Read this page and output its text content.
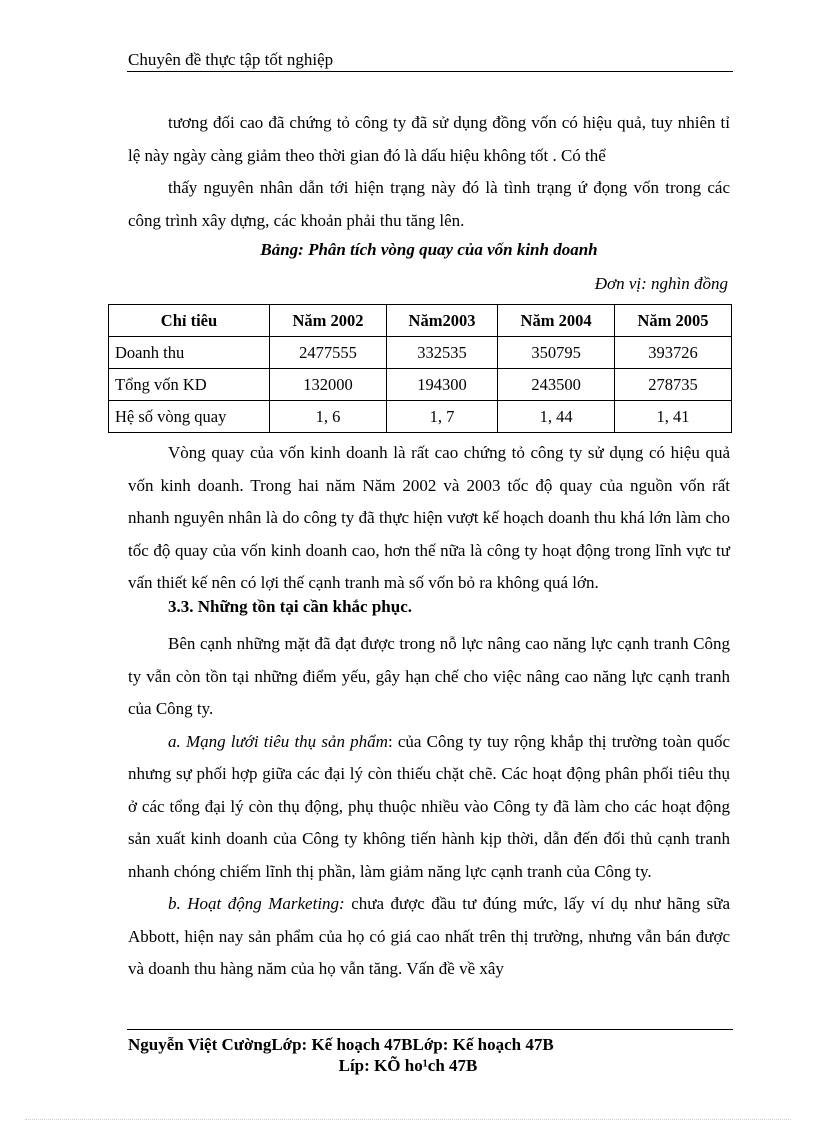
Chuyên đề thực tập tốt nghiệp

tương đối cao đã chứng tỏ công ty đã sử dụng đồng vốn có hiệu quả, tuy nhiên tỉ lệ này ngày càng giảm theo thời gian đó là dấu hiệu không tốt . Có thể

thấy nguyên nhân dẫn tới hiện trạng này đó là tình trạng ứ đọng vốn trong các công trình xây dựng, các khoản phải thu tăng lên.

Bảng: Phân tích vòng quay của vốn kinh doanh
Đơn vị: nghìn đồng
Chỉ tiêu	Năm 2002	Năm2003	Năm 2004	Năm 2005
Doanh thu	2477555	332535	350795	393726
Tổng vốn KD	132000	194300	243500	278735
Hệ số vòng quay	1, 6	1, 7	1, 44	1, 41

Vòng quay của vốn kinh doanh là rất cao chứng tỏ công ty sử dụng có hiệu quả vốn kinh doanh. Trong hai năm Năm 2002 và 2003 tốc độ quay của nguồn vốn rất nhanh nguyên nhân là do công ty đã thực hiện vượt kế hoạch doanh thu khá lớn làm cho tốc độ quay của vốn kinh doanh cao, hơn thế nữa là công ty hoạt động trong lĩnh vực tư vấn thiết kế nên có lợi thế cạnh tranh mà số vốn bỏ ra không quá lớn.

3.3. Những tồn tại cần khắc phục.

Bên cạnh những mặt đã đạt được trong nỗ lực nâng cao năng lực cạnh tranh Công ty vẫn còn tồn tại những điểm yếu, gây hạn chế cho việc nâng cao năng lực cạnh tranh của Công ty.

a. Mạng lưới tiêu thụ sản phẩm: của Công ty tuy rộng khắp thị trường toàn quốc nhưng sự phối hợp giữa các đại lý còn thiếu chặt chẽ. Các hoạt động phân phối tiêu thụ ở các tổng đại lý còn thụ động, phụ thuộc nhiều vào Công ty đã làm cho các hoạt động sản xuất kinh doanh của Công ty không tiến hành kịp thời, dẫn đến đối thủ cạnh tranh nhanh chóng chiếm lĩnh thị phần, làm giảm năng lực cạnh tranh của Công ty.

b. Hoạt động Marketing: chưa được đầu tư đúng mức, lấy ví dụ như hãng sữa Abbott, hiện nay sản phẩm của họ có giá cao nhất trên thị trường, nhưng vẫn bán được và doanh thu hàng năm của họ vẫn tăng. Vấn đề về xây

Nguyễn Việt CườngLớp: Kế hoạch 47BLớp: Kế hoạch 47B
Líp: KÕ ho¹ch 47B
